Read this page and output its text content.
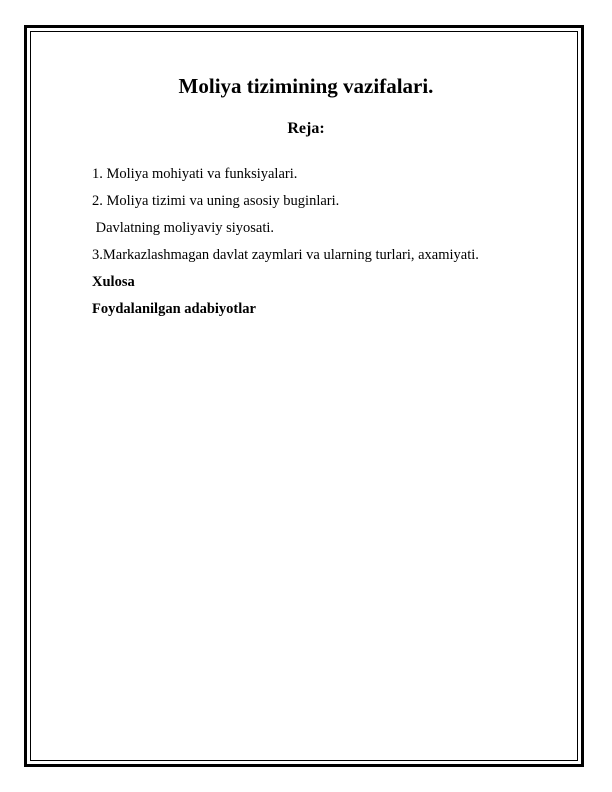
Moliya tizimining vazifalari.
Reja:
1. Moliya mohiyati va funksiyalari.
2. Moliya tizimi va uning asosiy buginlari.
Davlatning moliyaviy siyosati.
3.Markazlashmagan davlat zaymlari va ularning turlari, axamiyati.
Xulosa
Foydalanilgan adabiyotlar
